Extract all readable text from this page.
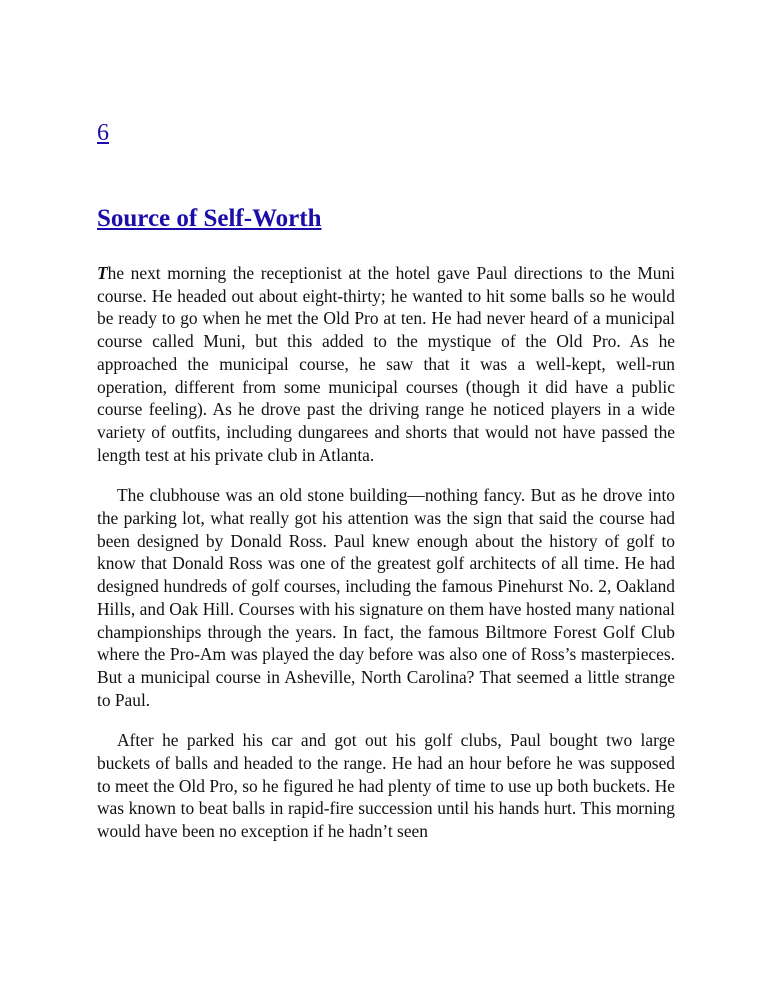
6
Source of Self-Worth

The next morning the receptionist at the hotel gave Paul directions to the Muni course. He headed out about eight-thirty; he wanted to hit some balls so he would be ready to go when he met the Old Pro at ten. He had never heard of a municipal course called Muni, but this added to the mystique of the Old Pro. As he approached the municipal course, he saw that it was a well-kept, well-run operation, different from some municipal courses (though it did have a public course feeling). As he drove past the driving range he noticed players in a wide variety of outfits, including dungarees and shorts that would not have passed the length test at his private club in Atlanta.

The clubhouse was an old stone building—nothing fancy. But as he drove into the parking lot, what really got his attention was the sign that said the course had been designed by Donald Ross. Paul knew enough about the history of golf to know that Donald Ross was one of the greatest golf architects of all time. He had designed hundreds of golf courses, including the famous Pinehurst No. 2, Oakland Hills, and Oak Hill. Courses with his signature on them have hosted many national championships through the years. In fact, the famous Biltmore Forest Golf Club where the Pro-Am was played the day before was also one of Ross’s masterpieces. But a municipal course in Asheville, North Carolina? That seemed a little strange to Paul.

After he parked his car and got out his golf clubs, Paul bought two large buckets of balls and headed to the range. He had an hour before he was supposed to meet the Old Pro, so he figured he had plenty of time to use up both buckets. He was known to beat balls in rapid-fire succession until his hands hurt. This morning would have been no exception if he hadn’t seen
